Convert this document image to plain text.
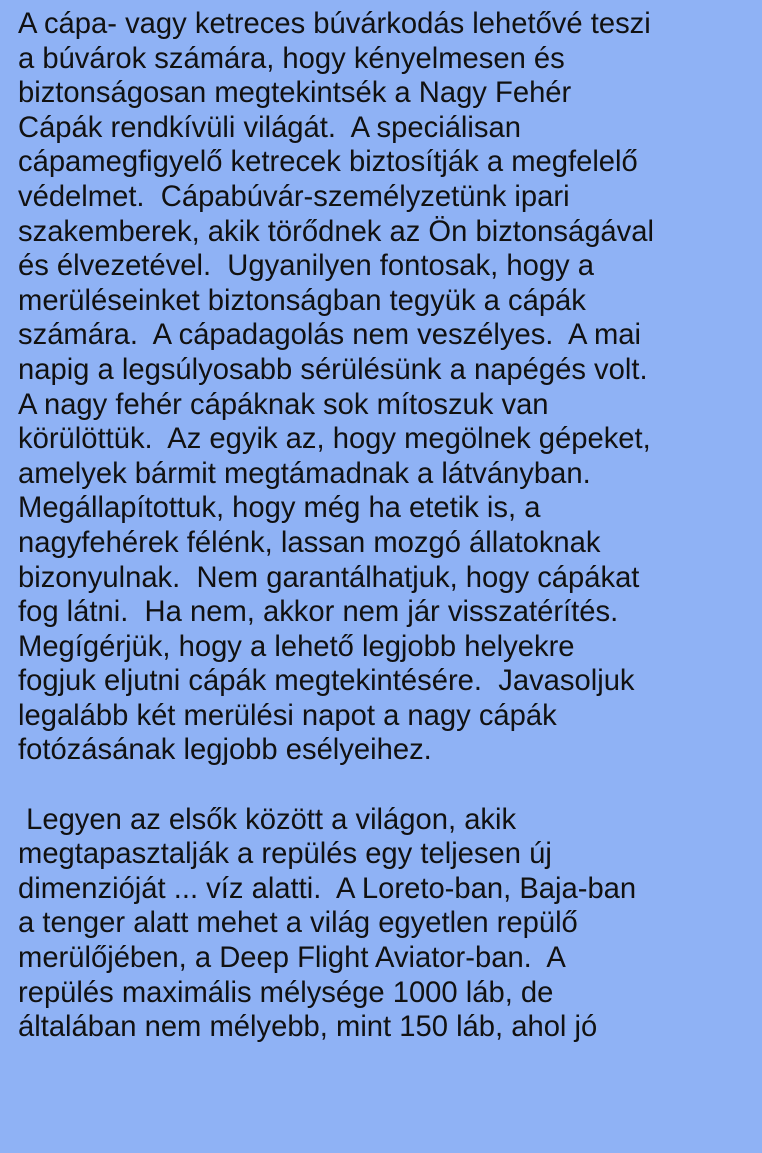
A cápa- vagy ketreces búvárkodás lehetővé teszi
a búvárok számára, hogy kényelmesen és
biztonságosan megtekintsék a Nagy Fehér
Cápák rendkívüli világát.  A speciálisan
cápamegfigyelő ketrecek biztosítják a megfelelő
védelmet.  Cápabúvár-személyzetünk ipari
szakemberek, akik törődnek az Ön biztonságával
és élvezetével.  Ugyanilyen fontosak, hogy a
merüléseinket biztonságban tegyük a cápák
számára.  A cápadagolás nem veszélyes.  A mai
napig a legsúlyosabb sérülésünk a napégés volt.
A nagy fehér cápáknak sok mítoszuk van
körülöttük.  Az egyik az, hogy megölnek gépeket,
amelyek bármit megtámadnak a látványban.
Megállapítottuk, hogy még ha etetik is, a
nagyfehérek félénk, lassan mozgó állatoknak
bizonyulnak.  Nem garantálhatjuk, hogy cápákat
fog látni.  Ha nem, akkor nem jár visszatérítés.
Megígérjük, hogy a lehető legjobb helyekre
fogjuk eljutni cápák megtekintésére.  Javasoljuk
legalább két merülési napot a nagy cápák
fotózásának legjobb esélyeihez.
Legyen az elsők között a világon, akik
megtapasztalják a repülés egy teljesen új
dimenzióját ... víz alatti.  A Loreto-ban, Baja-ban
a tenger alatt mehet a világ egyetlen repülő
merülőjében, a Deep Flight Aviator-ban.  A
repülés maximális mélysége 1000 láb, de
általában nem mélyebb, mint 150 láb, ahol jó
